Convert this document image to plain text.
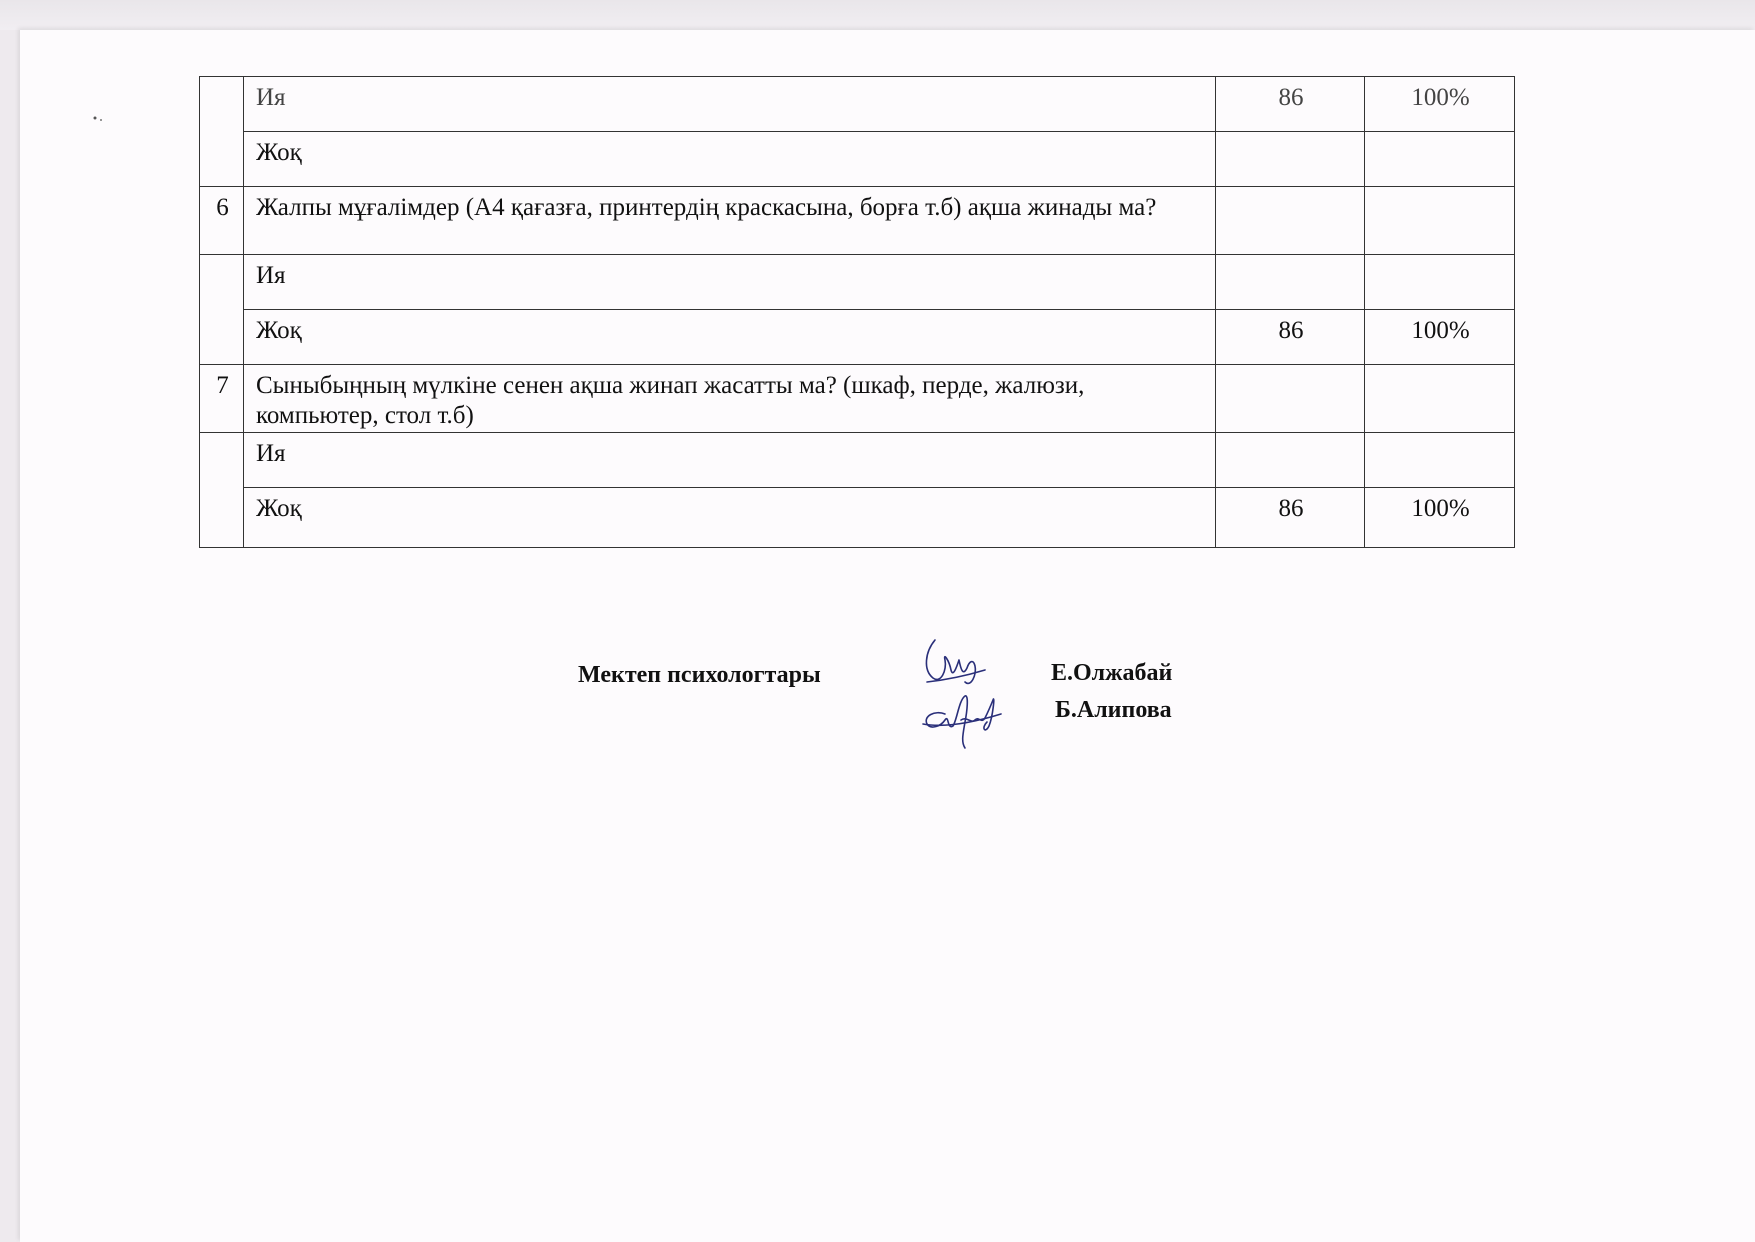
	Ия	86	100%
	Жоқ		
6	Жалпы мұғалімдер (А4 қағазға, принтердің краскасына, борға т.б) ақша жинады ма?		
	Ия		
	Жоқ	86	100%
7	Сыныбыңның мүлкіне сенен ақша жинап жасатты ма? (шкаф, перде, жалюзи, компьютер, стол т.б)		
	Ия		
	Жоқ	86	100%
Мектеп психологтары	Е.Олжабай
Б.Алипова
